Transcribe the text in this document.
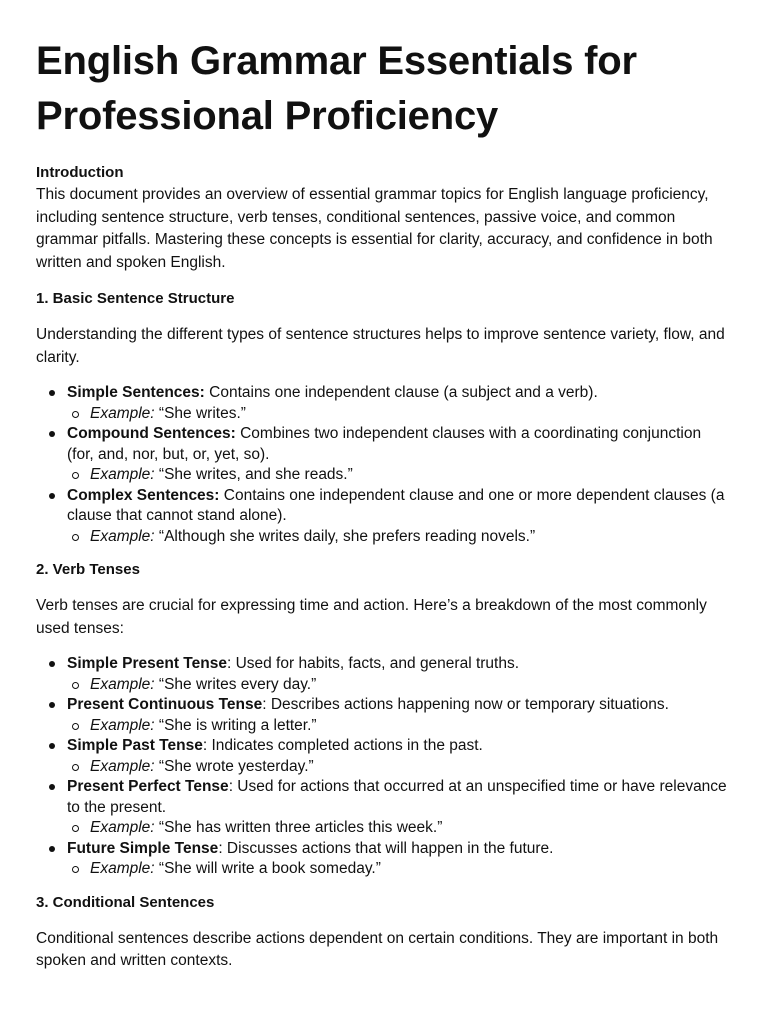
English Grammar Essentials for Professional Proficiency
Introduction

This document provides an overview of essential grammar topics for English language proficiency, including sentence structure, verb tenses, conditional sentences, passive voice, and common grammar pitfalls. Mastering these concepts is essential for clarity, accuracy, and confidence in both written and spoken English.

1. Basic Sentence Structure

Understanding the different types of sentence structures helps to improve sentence variety, flow, and clarity.

Simple Sentences: Contains one independent clause (a subject and a verb).
Example: “She writes.”
Compound Sentences: Combines two independent clauses with a coordinating conjunction (for, and, nor, but, or, yet, so).
Example: “She writes, and she reads.”
Complex Sentences: Contains one independent clause and one or more dependent clauses (a clause that cannot stand alone).
Example: “Although she writes daily, she prefers reading novels.”
2. Verb Tenses

Verb tenses are crucial for expressing time and action. Here’s a breakdown of the most commonly used tenses:

Simple Present Tense: Used for habits, facts, and general truths.
Example: “She writes every day.”
Present Continuous Tense: Describes actions happening now or temporary situations.
Example: “She is writing a letter.”
Simple Past Tense: Indicates completed actions in the past.
Example: “She wrote yesterday.”
Present Perfect Tense: Used for actions that occurred at an unspecified time or have relevance to the present.
Example: “She has written three articles this week.”
Future Simple Tense: Discusses actions that will happen in the future.
Example: “She will write a book someday.”
3. Conditional Sentences

Conditional sentences describe actions dependent on certain conditions. They are important in both spoken and written contexts.
